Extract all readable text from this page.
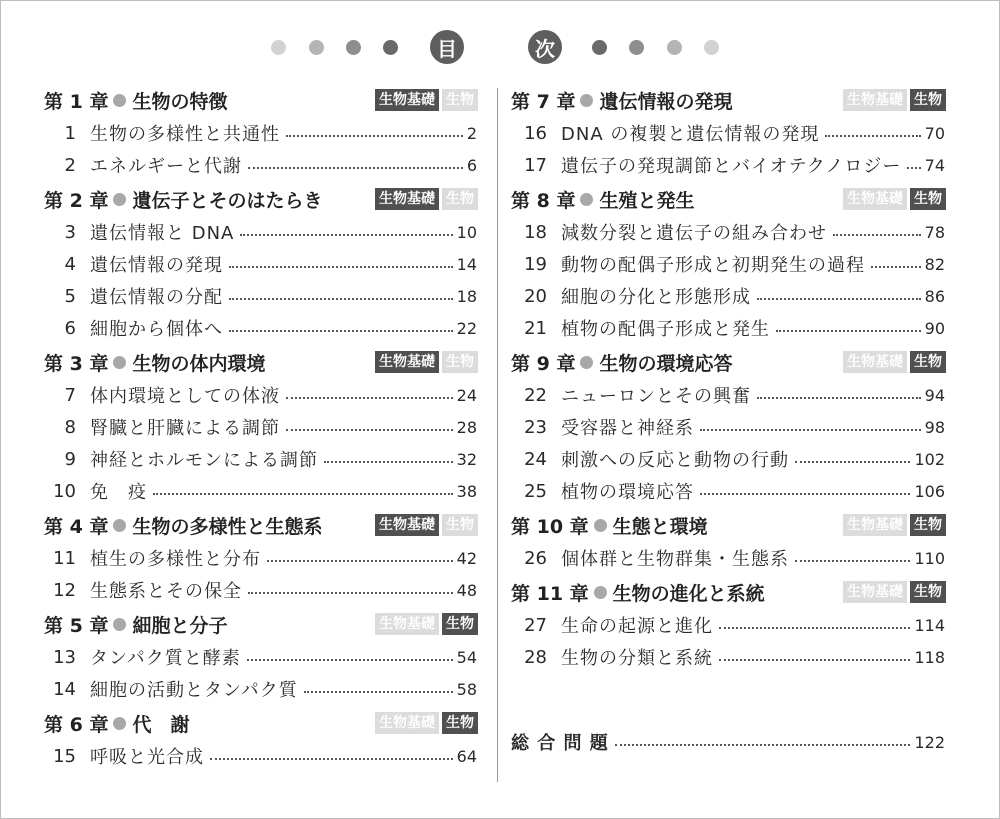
目	次
第 1 章 生物の特徴	生物基礎 生物
1 生物の多様性と共通性	2
2 エネルギーと代謝	6
第 2 章 遺伝子とそのはたらき	生物基礎 生物
3 遺伝情報と DNA	10
4 遺伝情報の発現	14
5 遺伝情報の分配	18
6 細胞から個体へ	22
第 3 章 生物の体内環境	生物基礎 生物
7 体内環境としての体液	24
8 腎臓と肝臓による調節	28
9 神経とホルモンによる調節	32
10 免　疫	38
第 4 章 生物の多様性と生態系	生物基礎 生物
11 植生の多様性と分布	42
12 生態系とその保全	48
第 5 章 細胞と分子	生物基礎 生物
13 タンパク質と酵素	54
14 細胞の活動とタンパク質	58
第 6 章 代　謝	生物基礎 生物
15 呼吸と光合成	64
第 7 章 遺伝情報の発現	生物基礎 生物
16 DNA の複製と遺伝情報の発現	70
17 遺伝子の発現調節とバイオテクノロジー 74
第 8 章 生殖と発生	生物基礎 生物
18 減数分裂と遺伝子の組み合わせ	78
19 動物の配偶子形成と初期発生の過程	82
20 細胞の分化と形態形成	86
21 植物の配偶子形成と発生	90
第 9 章 生物の環境応答	生物基礎 生物
22 ニューロンとその興奮	94
23 受容器と神経系	98
24 刺激への反応と動物の行動	102
25 植物の環境応答	106
第 10 章 生態と環境	生物基礎 生物
26 個体群と生物群集・生態系	110
第 11 章 生物の進化と系統	生物基礎 生物
27 生命の起源と進化	114
28 生物の分類と系統	118
総 合 問 題	122
